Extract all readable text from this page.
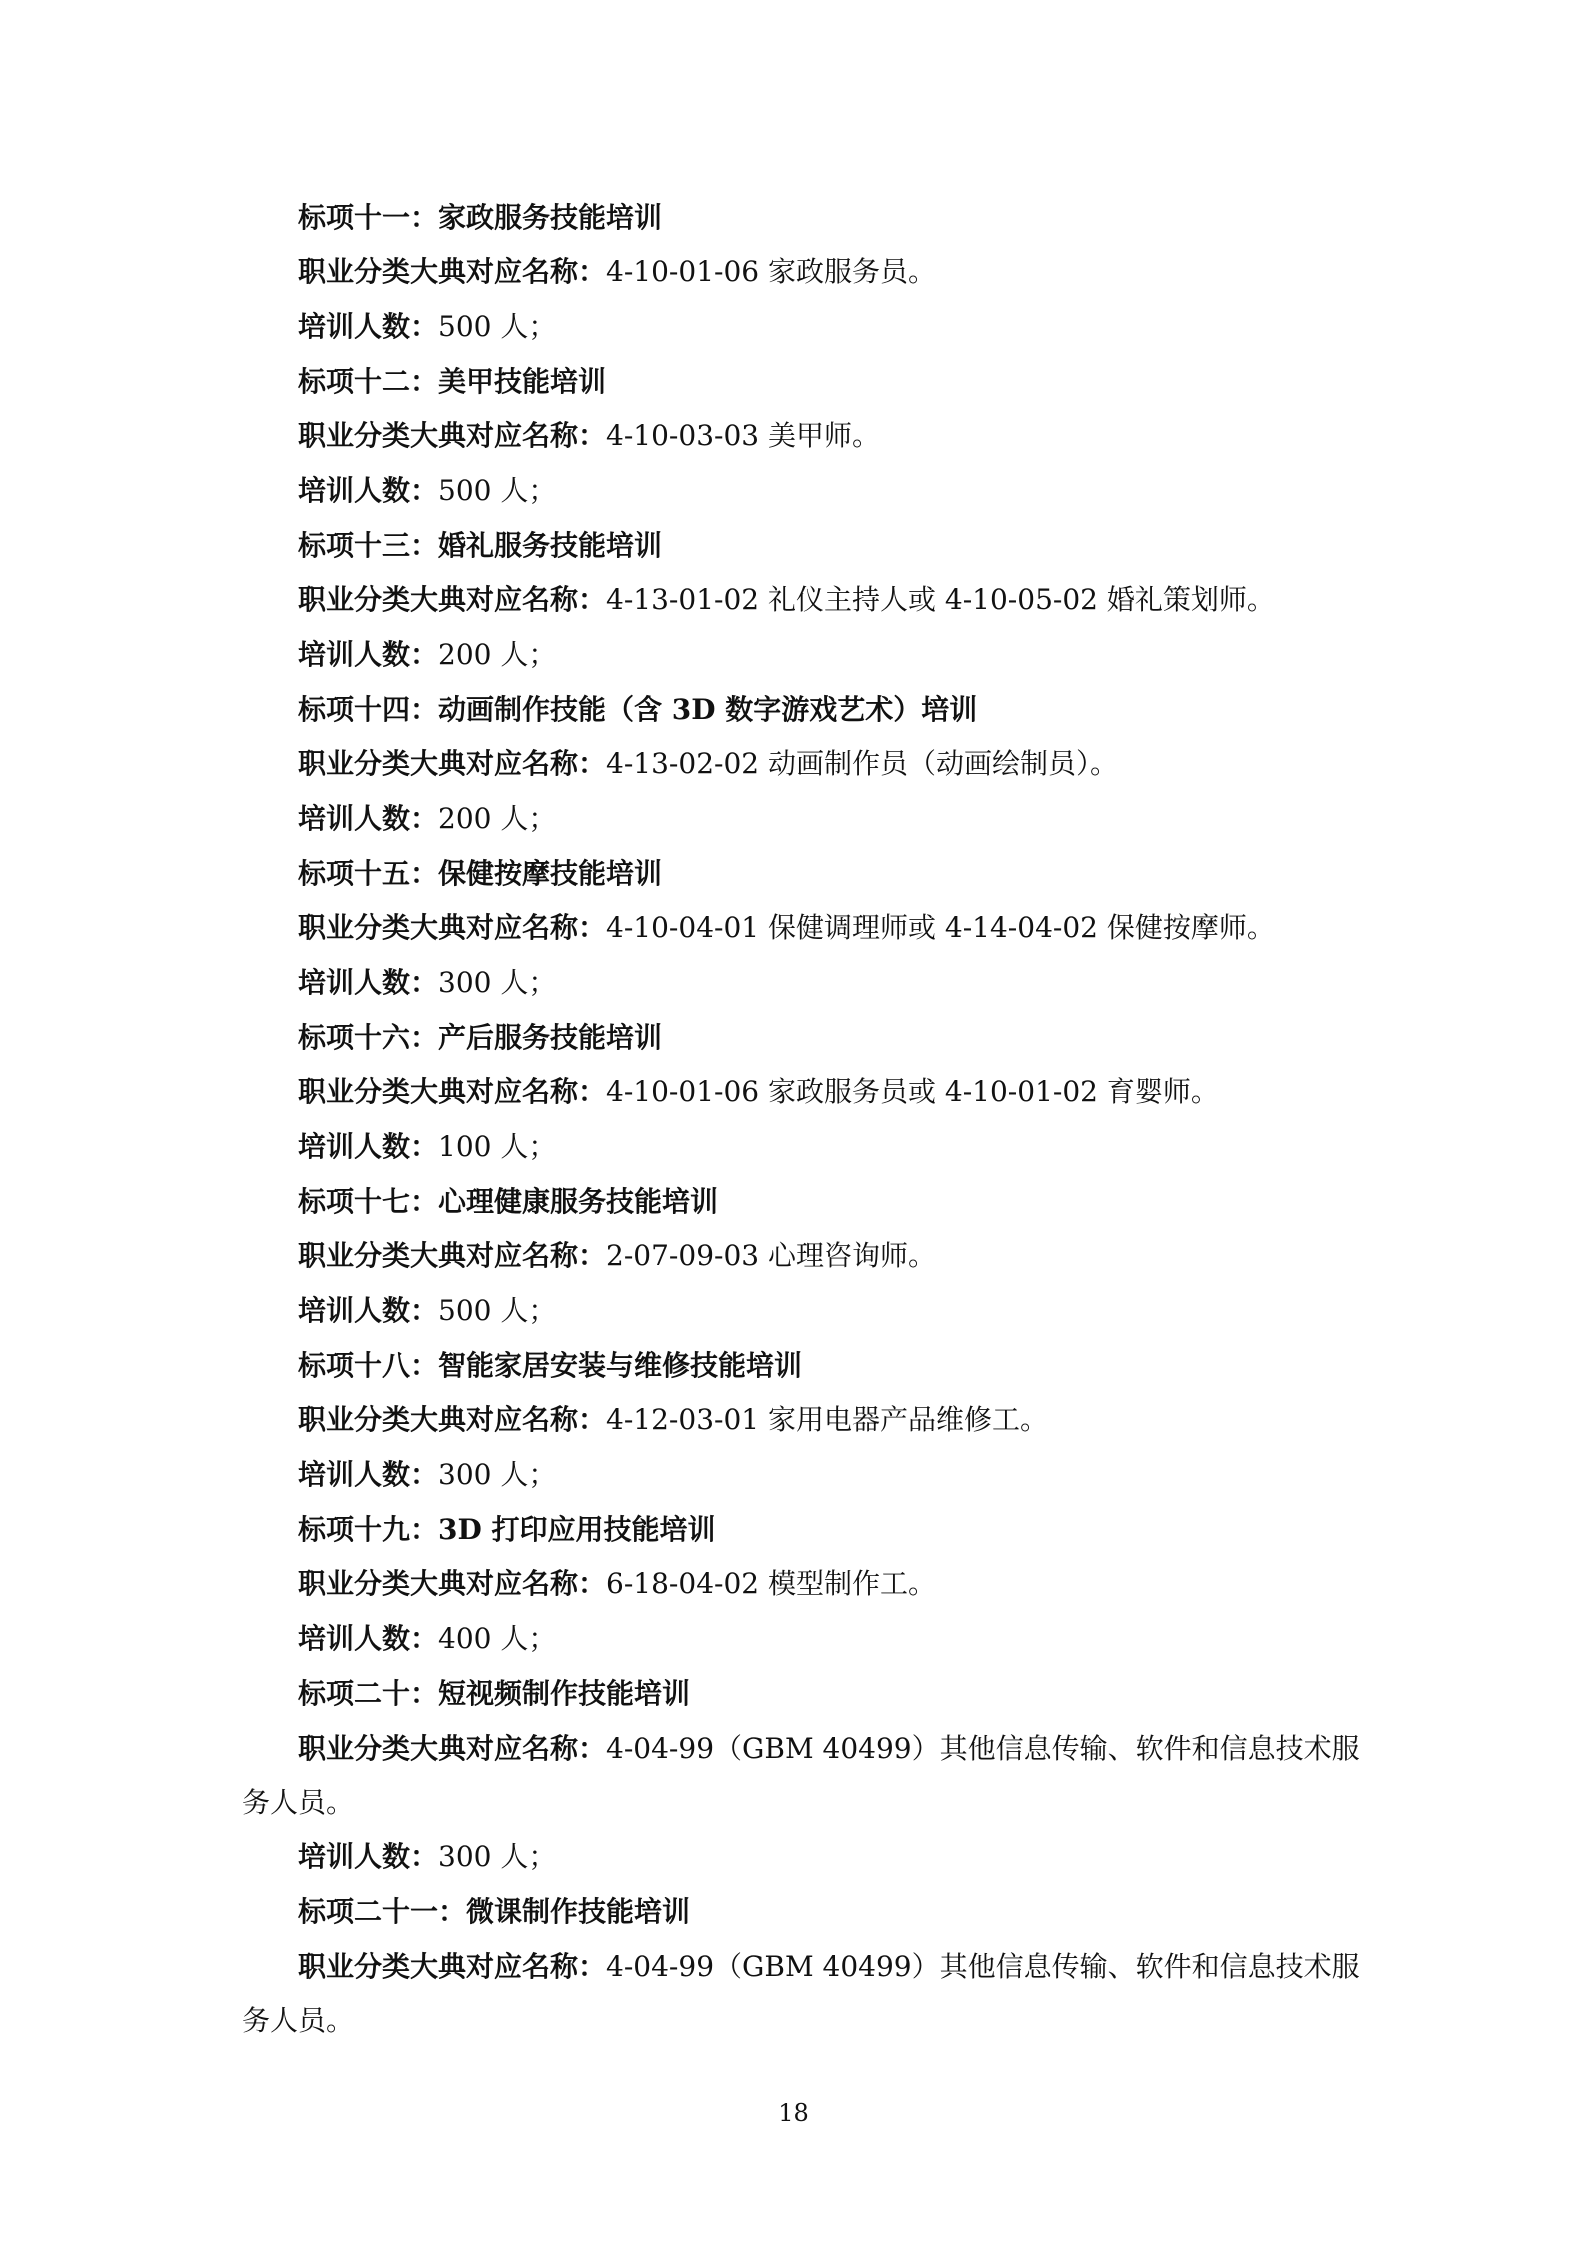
标项十一：家政服务技能培训
职业分类大典对应名称：4-10-01-06 家政服务员。
培训人数：500 人；
标项十二：美甲技能培训
职业分类大典对应名称：4-10-03-03 美甲师。
培训人数：500 人；
标项十三：婚礼服务技能培训
职业分类大典对应名称：4-13-01-02 礼仪主持人或 4-10-05-02 婚礼策划师。
培训人数：200 人；
标项十四：动画制作技能（含 3D 数字游戏艺术）培训
职业分类大典对应名称：4-13-02-02 动画制作员（动画绘制员）。
培训人数：200 人；
标项十五：保健按摩技能培训
职业分类大典对应名称：4-10-04-01 保健调理师或 4-14-04-02 保健按摩师。
培训人数：300 人；
标项十六：产后服务技能培训
职业分类大典对应名称：4-10-01-06 家政服务员或 4-10-01-02 育婴师。
培训人数：100 人；
标项十七：心理健康服务技能培训
职业分类大典对应名称：2-07-09-03 心理咨询师。
培训人数：500 人；
标项十八：智能家居安装与维修技能培训
职业分类大典对应名称：4-12-03-01 家用电器产品维修工。
培训人数：300 人；
标项十九：3D 打印应用技能培训
职业分类大典对应名称：6-18-04-02 模型制作工。
培训人数：400 人；
标项二十：短视频制作技能培训
职业分类大典对应名称：4-04-99（GBM 40499）其他信息传输、软件和信息技术服务人员。
培训人数：300 人；
标项二十一：微课制作技能培训
职业分类大典对应名称：4-04-99（GBM 40499）其他信息传输、软件和信息技术服务人员。
18
